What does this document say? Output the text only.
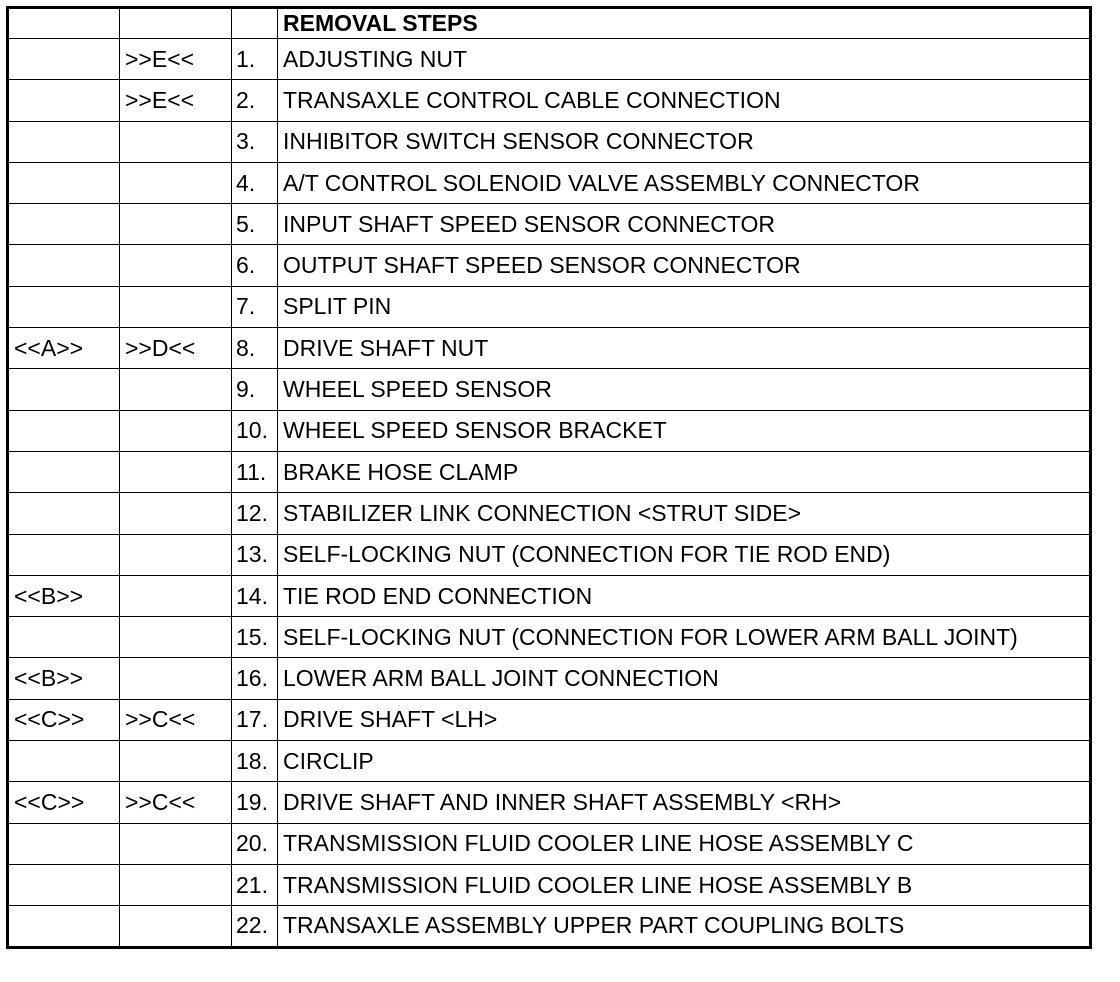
			REMOVAL STEPS
	>>E<<	1.	ADJUSTING NUT
	>>E<<	2.	TRANSAXLE CONTROL CABLE CONNECTION
		3.	INHIBITOR SWITCH SENSOR CONNECTOR
		4.	A/T CONTROL SOLENOID VALVE ASSEMBLY CONNECTOR
		5.	INPUT SHAFT SPEED SENSOR CONNECTOR
		6.	OUTPUT SHAFT SPEED SENSOR CONNECTOR
		7.	SPLIT PIN
<<A>>	>>D<<	8.	DRIVE SHAFT NUT
		9.	WHEEL SPEED SENSOR
		10.	WHEEL SPEED SENSOR BRACKET
		11.	BRAKE HOSE CLAMP
		12.	STABILIZER LINK CONNECTION <STRUT SIDE>
		13.	SELF-LOCKING NUT (CONNECTION FOR TIE ROD END)
<<B>>		14.	TIE ROD END CONNECTION
		15.	SELF-LOCKING NUT (CONNECTION FOR LOWER ARM BALL JOINT)
<<B>>		16.	LOWER ARM BALL JOINT CONNECTION
<<C>>	>>C<<	17.	DRIVE SHAFT <LH>
		18.	CIRCLIP
<<C>>	>>C<<	19.	DRIVE SHAFT AND INNER SHAFT ASSEMBLY <RH>
		20.	TRANSMISSION FLUID COOLER LINE HOSE ASSEMBLY C
		21.	TRANSMISSION FLUID COOLER LINE HOSE ASSEMBLY B
		22.	TRANSAXLE ASSEMBLY UPPER PART COUPLING BOLTS
